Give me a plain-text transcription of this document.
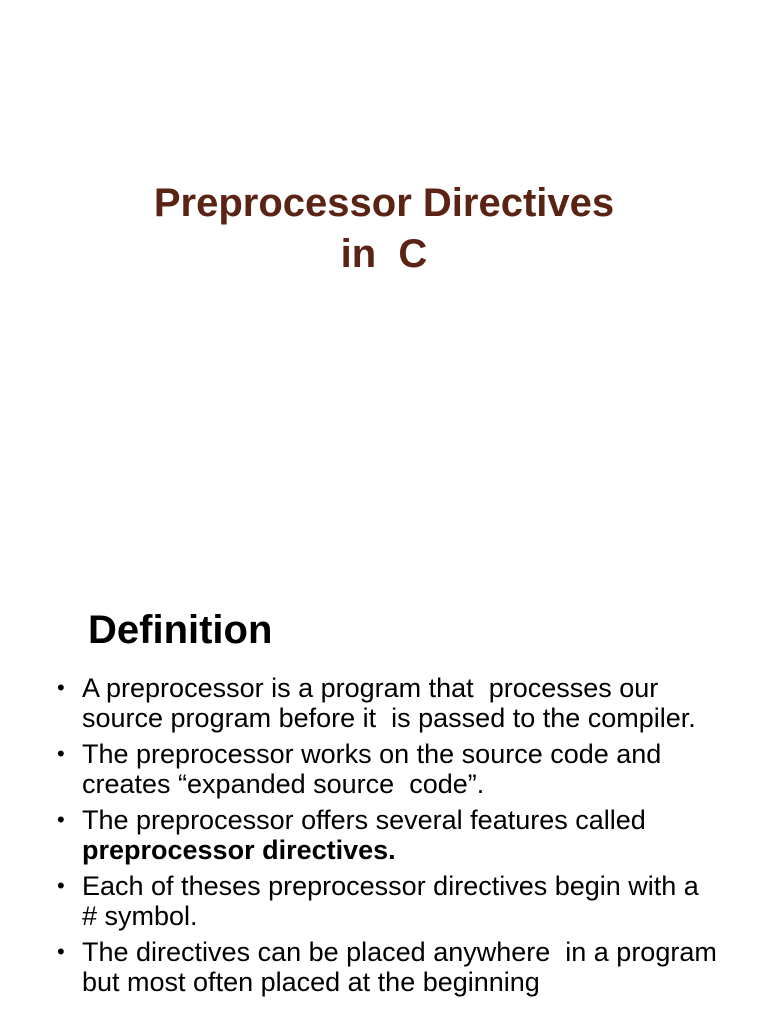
Preprocessor Directives
in  C
Definition
• A preprocessor is a program that  processes our source program before it  is passed to the compiler.
• The preprocessor works on the source code and creates “expanded source  code”.
• The preprocessor offers several features called preprocessor directives.
• Each of theses preprocessor directives begin with a # symbol.
• The directives can be placed anywhere  in a program but most often placed at the beginning
